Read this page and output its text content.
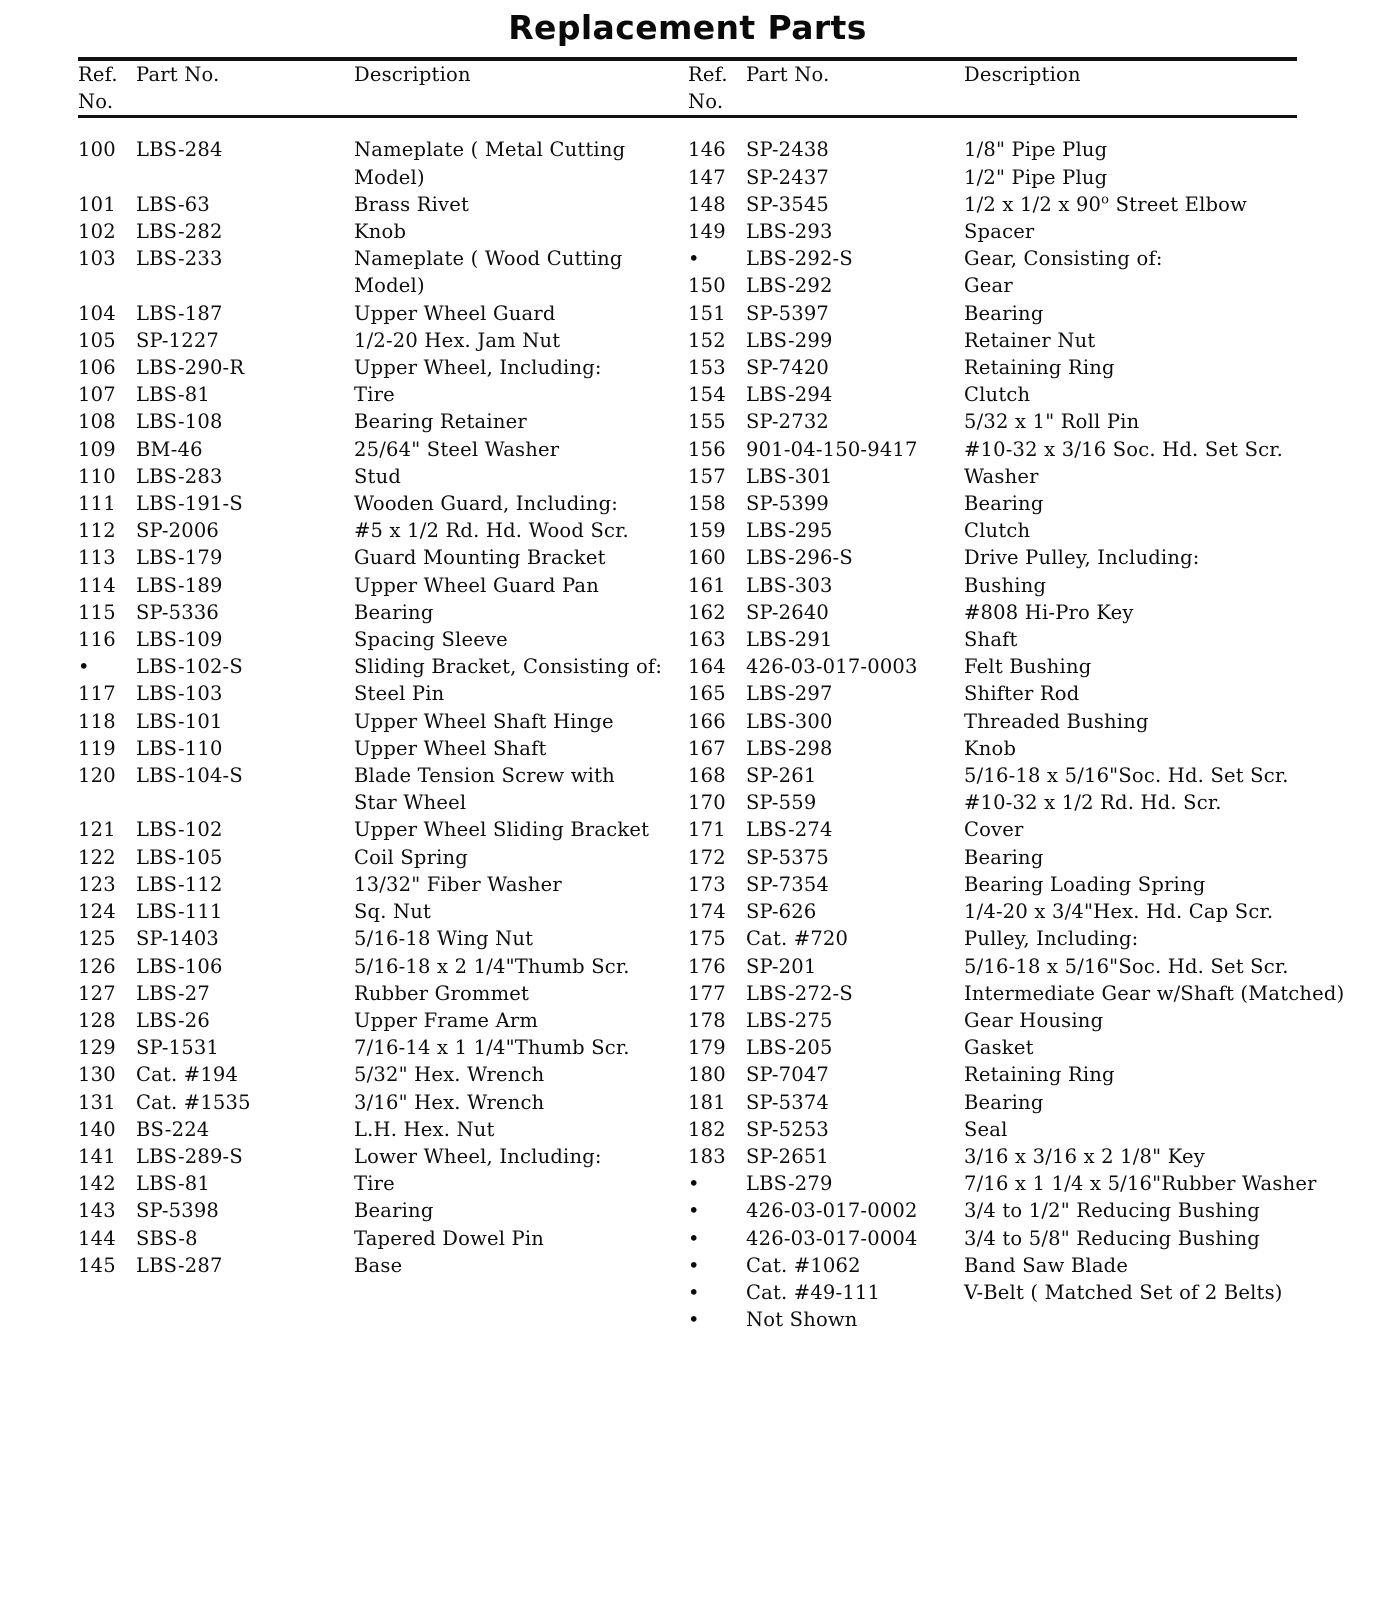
Replacement Parts
Ref.
No.
	Part No.	Description	Ref.
No.
	Part No.	Description

100	LBS-284	Nameplate ( Metal Cutting	146	SP-2438	1/8" Pipe Plug
		Model)	147	SP-2437	1/2" Pipe Plug
101	LBS-63	Brass Rivet	148	SP-3545	1/2 x 1/2 x 90$^o$ Street Elbow
102	LBS-282	Knob	149	LBS-293	Spacer
103	LBS-233	Nameplate ( Wood Cutting	•	LBS-292-S	Gear, Consisting of:
		Model)	150	LBS-292	Gear
104	LBS-187	Upper Wheel Guard	151	SP-5397	Bearing
105	SP-1227	1/2-20 Hex. Jam Nut	152	LBS-299	Retainer Nut
106	LBS-290-R	Upper Wheel, Including:	153	SP-7420	Retaining Ring
107	LBS-81	Tire	154	LBS-294	Clutch
108	LBS-108	Bearing Retainer	155	SP-2732	5/32 x 1" Roll Pin
109	BM-46	25/64" Steel Washer	156	901-04-150-9417	#10-32 x 3/16 Soc. Hd. Set Scr.
110	LBS-283	Stud	157	LBS-301	Washer
111	LBS-191-S	Wooden Guard, Including:	158	SP-5399	Bearing
112	SP-2006	#5 x 1/2 Rd. Hd. Wood Scr.	159	LBS-295	Clutch
113	LBS-179	Guard Mounting Bracket	160	LBS-296-S	Drive Pulley, Including:
114	LBS-189	Upper Wheel Guard Pan	161	LBS-303	Bushing
115	SP-5336	Bearing	162	SP-2640	#808 Hi-Pro Key
116	LBS-109	Spacing Sleeve	163	LBS-291	Shaft
•	LBS-102-S	Sliding Bracket, Consisting of:	164	426-03-017-0003	Felt Bushing
117	LBS-103	Steel Pin	165	LBS-297	Shifter Rod
118	LBS-101	Upper Wheel Shaft Hinge	166	LBS-300	Threaded Bushing
119	LBS-110	Upper Wheel Shaft	167	LBS-298	Knob
120	LBS-104-S	Blade Tension Screw with	168	SP-261	5/16-18 x 5/16"Soc. Hd. Set Scr.
		Star Wheel	170	SP-559	#10-32 x 1/2 Rd. Hd. Scr.
121	LBS-102	Upper Wheel Sliding Bracket	171	LBS-274	Cover
122	LBS-105	Coil Spring	172	SP-5375	Bearing
123	LBS-112	13/32" Fiber Washer	173	SP-7354	Bearing Loading Spring
124	LBS-111	Sq. Nut	174	SP-626	1/4-20 x 3/4"Hex. Hd. Cap Scr.
125	SP-1403	5/16-18 Wing Nut	175	Cat. #720	Pulley, Including:
126	LBS-106	5/16-18 x 2 1/4"Thumb Scr.	176	SP-201	5/16-18 x 5/16"Soc. Hd. Set Scr.
127	LBS-27	Rubber Grommet	177	LBS-272-S	Intermediate Gear w/Shaft (Matched)
128	LBS-26	Upper Frame Arm	178	LBS-275	Gear Housing
129	SP-1531	7/16-14 x 1 1/4"Thumb Scr.	179	LBS-205	Gasket
130	Cat. #194	5/32" Hex. Wrench	180	SP-7047	Retaining Ring
131	Cat. #1535	3/16" Hex. Wrench	181	SP-5374	Bearing
140	BS-224	L.H. Hex. Nut	182	SP-5253	Seal
141	LBS-289-S	Lower Wheel, Including:	183	SP-2651	3/16 x 3/16 x 2 1/8" Key
142	LBS-81	Tire	•	LBS-279	7/16 x 1 1/4 x 5/16"Rubber Washer
143	SP-5398	Bearing	•	426-03-017-0002	3/4 to 1/2" Reducing Bushing
144	SBS-8	Tapered Dowel Pin	•	426-03-017-0004	3/4 to 5/8" Reducing Bushing
145	LBS-287	Base	•	Cat. #1062	Band Saw Blade
			•	Cat. #49-111	V-Belt ( Matched Set of 2 Belts)
			•	Not Shown	
